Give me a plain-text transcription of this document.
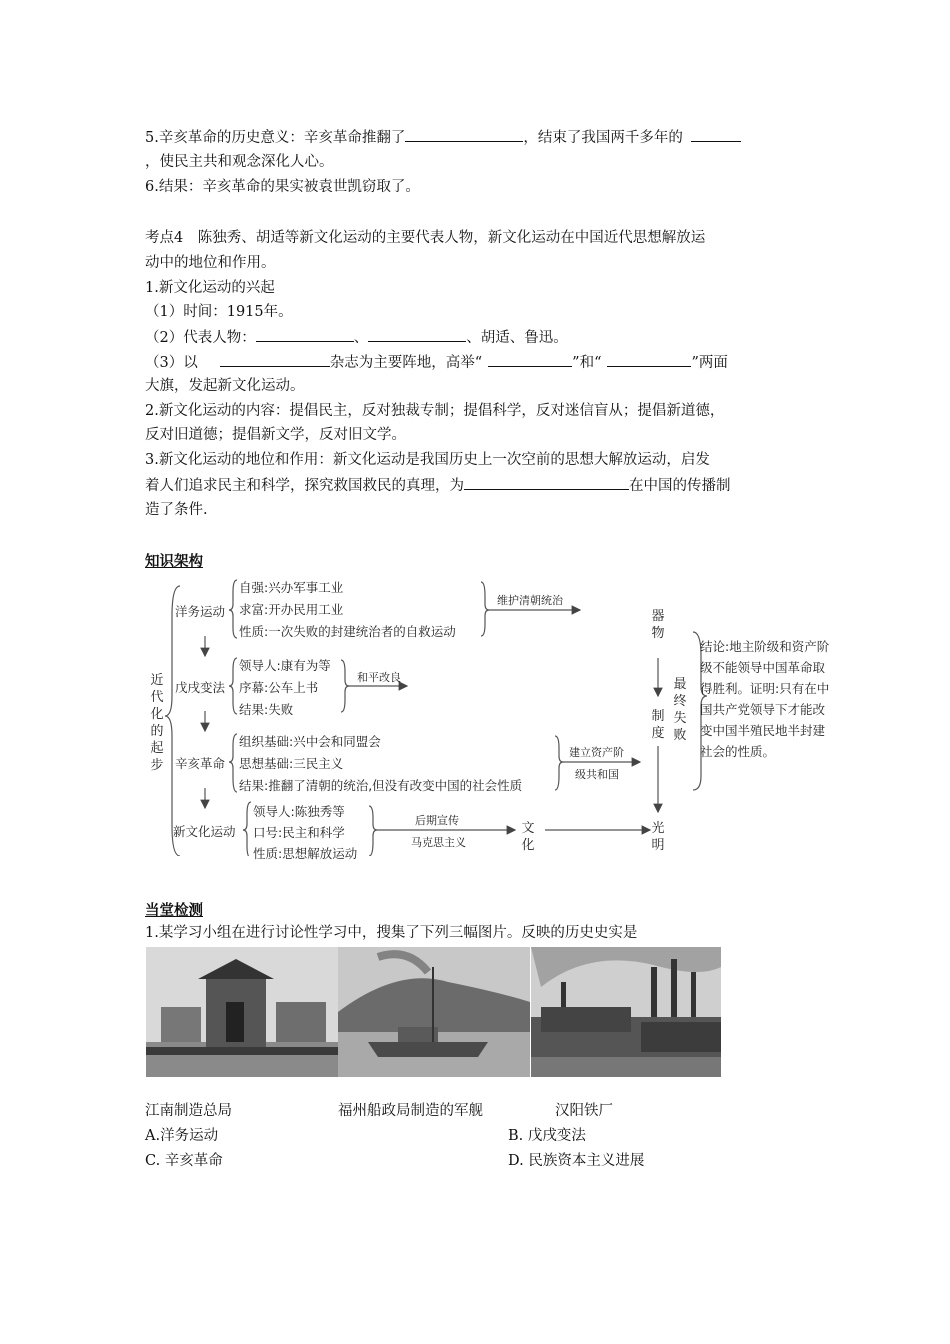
5.辛亥革命的历史意义：辛亥革命推翻了	，结束了我国两千多年的
，使民主共和观念深化人心。
6.结果：辛亥革命的果实被袁世凯窃取了。
考点4　陈独秀、胡适等新文化运动的主要代表人物，新文化运动在中国近代思想解放运
动中的地位和作用。
1.新文化运动的兴起
（1）时间：1915年。
（2）代表人物：	、	、胡适、鲁迅。
（3）以	杂志为主要阵地，高举“	”和“	”两面
大旗，发起新文化运动。
2.新文化运动的内容：提倡民主，反对独裁专制；提倡科学，反对迷信盲从；提倡新道德，
反对旧道德；提倡新文学，反对旧文学。
3.新文化运动的地位和作用：新文化运动是我国历史上一次空前的思想大解放运动，启发
着人们追求民主和科学，探究救国救民的真理，为	在中国的传播制
造了条件.
知识架构
近代化的起步
洋务运动
自强:兴办军事工业
求富:开办民用工业
性质:一次失败的封建统治者的自救运动
维护清朝统治
戊戌变法
领导人:康有为等
序幕:公车上书
结果:失败
和平改良
辛亥革命
组织基础:兴中会和同盟会
思想基础:三民主义
结果:推翻了清朝的统治,但没有改变中国的社会性质
建立资产阶
级共和国
新文化运动
领导人:陈独秀等
口号:民主和科学
性质:思想解放运动
后期宣传
马克思主义
器物
制度
文化
光明
最终失败
结论:地主阶级和资产阶级不能领导中国革命取得胜利。证明:只有在中国共产党领导下才能改变中国半殖民地半封建社会的性质。
当堂检测
1.某学习小组在进行讨论性学习中，搜集了下列三幅图片。反映的历史史实是
江南制造总局	福州船政局制造的军舰	汉阳铁厂
A.洋务运动	B. 戊戌变法
C. 辛亥革命	D. 民族资本主义进展
